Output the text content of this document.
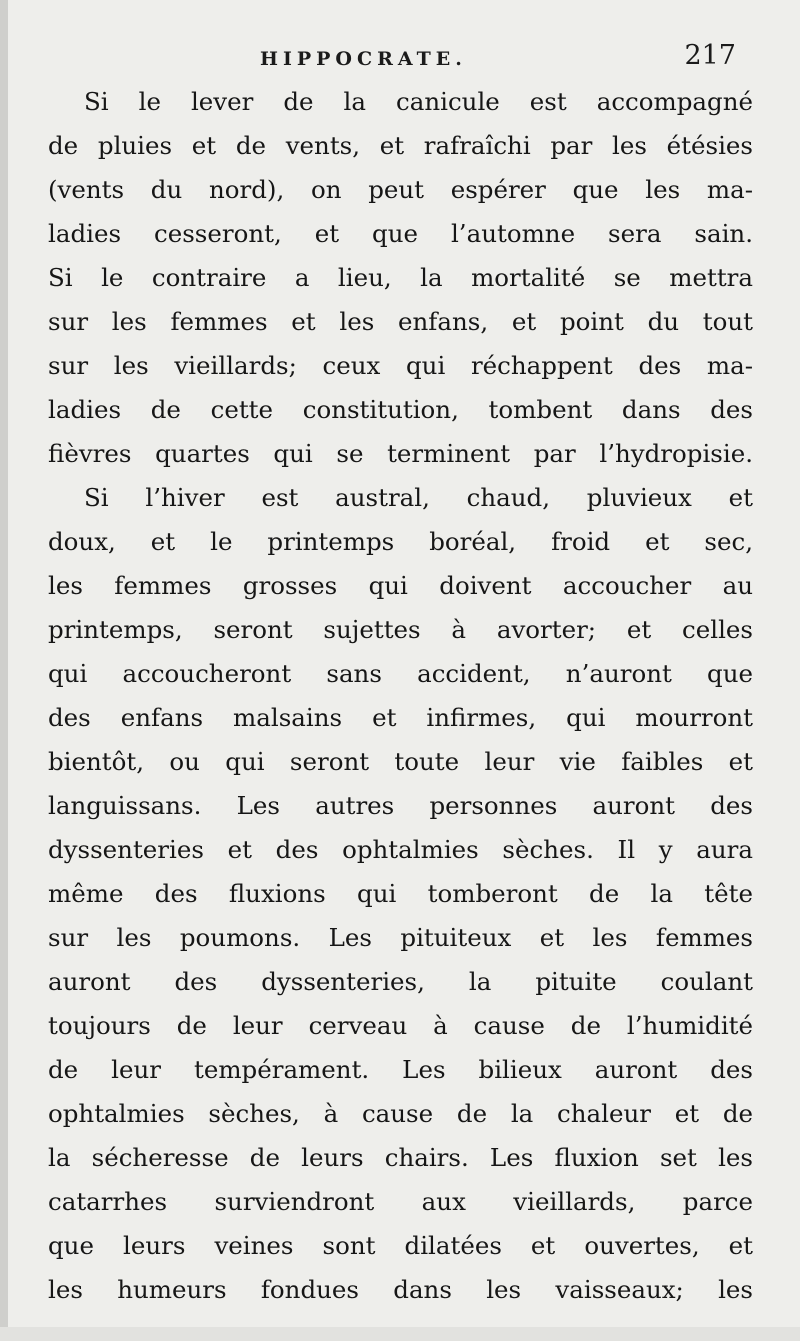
HIPPOCRATE.	217
Si le lever de la canicule est accompagné
de pluies et de vents, et rafraîchi par les étésies
(vents du nord), on peut espérer que les ma-
ladies cesseront, et que l’automne sera sain.
Si le contraire a lieu, la mortalité se mettra
sur les femmes et les enfans, et point du tout
sur les vieillards; ceux qui réchappent des ma-
ladies de cette constitution, tombent dans des
fièvres quartes qui se terminent par l’hydropisie.
Si l’hiver est austral, chaud, pluvieux et
doux, et le printemps boréal, froid et sec,
les femmes grosses qui doivent accoucher au
printemps, seront sujettes à avorter; et celles
qui accoucheront sans accident, n’auront que
des enfans malsains et infirmes, qui mourront
bientôt, ou qui seront toute leur vie faibles et
languissans. Les autres personnes auront des
dyssenteries et des ophtalmies sèches. Il y aura
même des fluxions qui tomberont de la tête
sur les poumons. Les pituiteux et les femmes
auront des dyssenteries, la pituite coulant
toujours de leur cerveau à cause de l’humidité
de leur tempérament. Les bilieux auront des
ophtalmies sèches, à cause de la chaleur et de
la sécheresse de leurs chairs. Les fluxion set les
catarrhes surviendront aux vieillards, parce
que leurs veines sont dilatées et ouvertes, et
les humeurs fondues dans les vaisseaux; les
